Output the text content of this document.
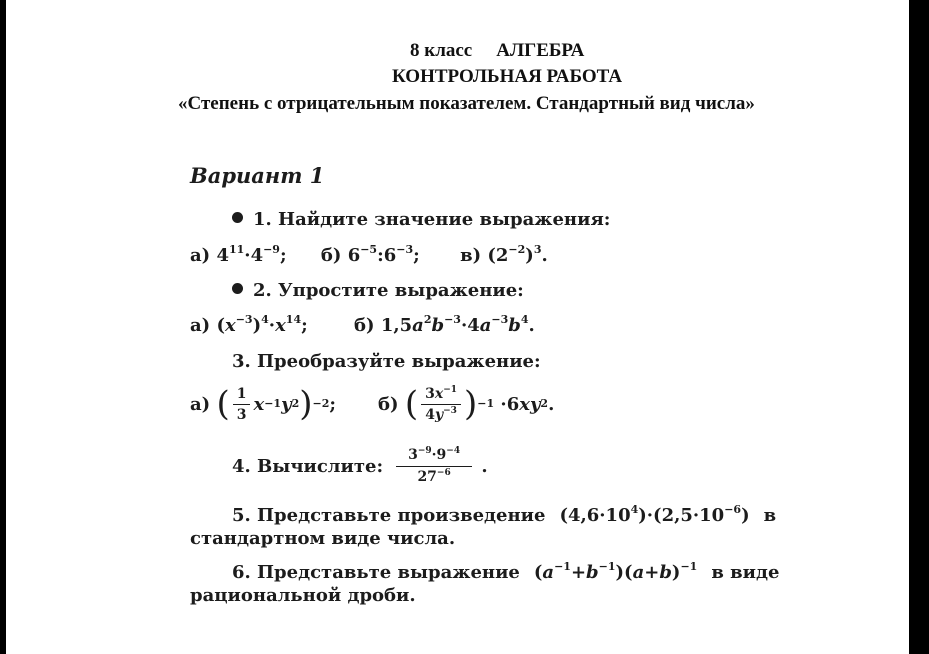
8 класс АЛГЕБРА
КОНТРОЛЬНАЯ РАБОТА
«Степень с отрицательным показателем. Стандартный вид числа»
Вариант 1
1. Найдите значение выражения:
а) $4^{11}\cdot 4^{-9}$; б) $6^{-5}:6^{-3}$; в) $(2^{-2})^3$.
2. Упростите выражение:
а) $(x^{-3})^4\cdot x^{14}$; б) $1,5a^2b^{-3}\cdot 4a^{-3}b^4$.
3. Преобразуйте выражение:
а)
( $\frac{1}{3}$ x −1 y 2 ) −2 ; б)
( $\frac{3x^{-1}}{4y^{-3}}$ ) −1 ·6 xy 2 .
4. Вычислите: $\frac{3^{-9}\cdot 9^{-4}}{27^{-6}}$ .
5. Представьте произведение $(4,6\cdot 10^4)\cdot(2,5\cdot 10^{-6})$ в
стандартном виде числа.
6. Представьте выражение $(a^{-1}+b^{-1})(a+b)^{-1}$ в виде
рациональной дроби.
